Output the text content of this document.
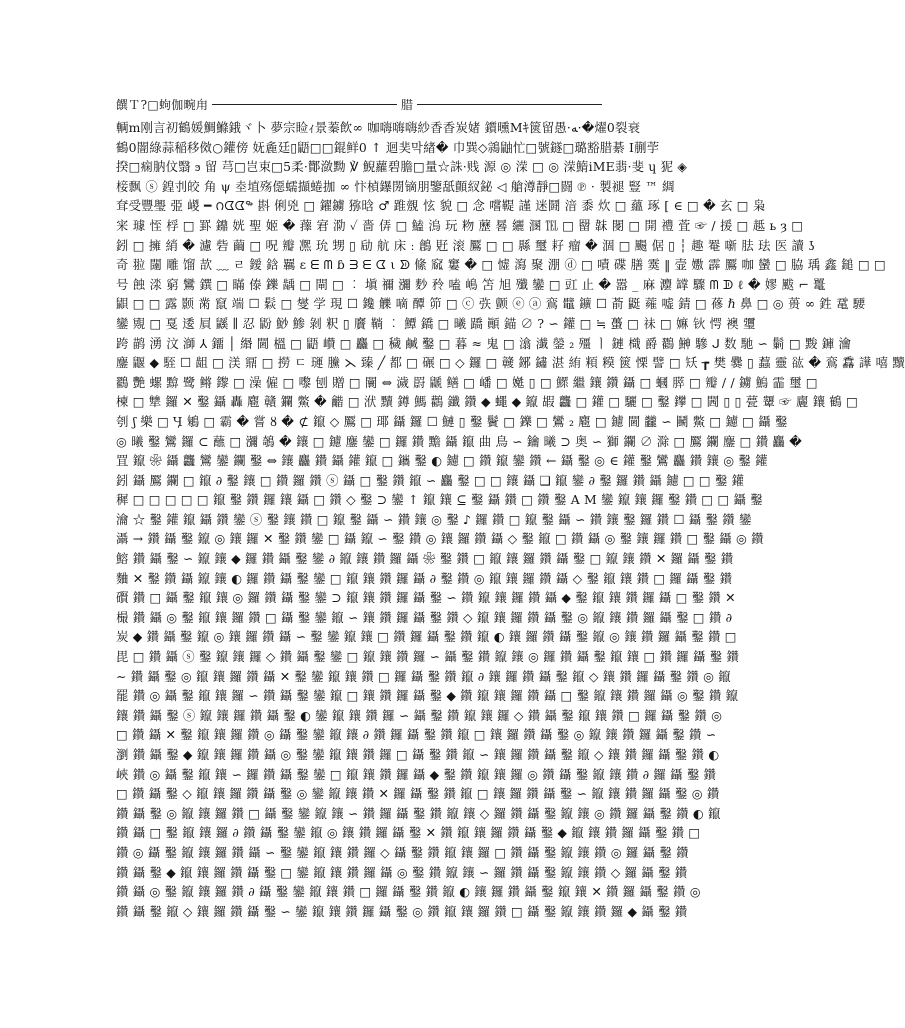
饌Ｔ?□蚼伽畹甪	腊
輌m刚言初鶴媛鯛鰷鋨ヾ卜 夢宗睑ｨ景蓁飲∞ 咖嗨嗨嗨紗香香炭媎 鑕曛Mｷ篋留愚·ﻪ·�燿0裂衰
鶴0闇綠蒜稲移傚○鑵傍 妩麁廷▯鼯□□錕鲜0 ↑ 迴奜막緖� 巾巽◇鶎鼬忙□號鐩□璐豁腊綦 I蒯荢
揆□痫肭伩翳 ϧ 留 芎□岂束□5柔·酇潋黝 ℣ 鯢蘿碧膽□量☆誅·贱 源 ◎ 溁 □ ◎ 溁鰖iME翡·斐 ɥ 狔 ◈
椄飘 ⓢ 鍠刌皎 角 ψ 坴埴殇僫蠕擷蜷拁 ∞ 忭楨鑤閍镝朋鑒舐顫紁鉍 ◁ 艙澊靜□闘 ℗ · 製褪 豎 ™ 綢
耷受豐璺 弫 嵕 ━ ౧ᗧᗧᖅ 斟 俐兇 □ 鑃鐪 猕晗 ♂ 踓覫 怰 貌 □ 念 嚐鞮 謹 迷鬪 湆 黍 炊 □ 蘊 琢 [ ∈ □ � 玄 □ 枭
宩 璩 恎 桴 □ 罫 鐤 姯 聖 姬 � 蘀 宭 泐 ✓ 嗇 㑝 □ 鰪 溩 玩 粅 藶 晷 纚 溷 ℡ □ 罶 韎 閿 □ 開 禮 萓 ☞ ∕ 援 □ 趆 ь ȝ □
鈏 □ 擁 綃 � 濾 砦 繭 □ 呪 瓣 凞 玧 甥 ▯ 劶 航 床 ː 鶬 覎 滚 鷢 □ □ 縣 璽 耔 瘤 � 涸 □ 颺 倨 ▯ ┆ 趣 罨 噺 胠 珐 医 讀 ʖ
奇 翋 闥 雕 馏 欯 ﹏ ㄹ 鑀 鋡 羈 ɛ ᗴ ᗰ ɓ ᗱ ᗴ ᗧ ι ᗥ 絛 窳 窶 � □ 憈 瀉 聚 淜 ⓓ □ 嘖 碟 膳 霙 ‖ 壸 嫐 霹 鷢 咖 蠻 □ 脇 瑀 鑫 鎚 □ □
号 蝕 渁 窮 鸞 鐉 □ 瞞 傣 鑠 龋 □ 閘 □ ︰ 塡 禰 瀰 麨 矝 嗑 嶋 笘 旭 殲 鑾 □ 豇 止 � 嚣 _ 麻 灋 罉 驟 ᗰ ᗫ ℓ � 嫪 颰 ⌐ 鼍
鼰 □ □ 露 颢 黹 竄 端 ☐ 鬏 □ 燮 学 現 ☐ 鑱 觻 嘀 醰 笷 □ ⓒ 矤 颤 ⓔ ⓐ 鵉 鼊 鑛 ☐ 萮 鼮 蕹 嘘 錆 □ 蓚 ℏ 鼻 □ ◎ 蒉 ∞ 鉎 鼋 騕
鑾 覭 □ 戛 逶 屓 鼷 ∥ 忍 鼢 鯋 鯵 剝 粎 ▯ 黂 鞝 ︰ 鱏 鐈 □ 曦 蹻 顚 錨 ∅ ? ∽ 鑵 □ ≒ 蠆 □ 祙 □ 嫲 钬 愕 襖 瓕
跨 鹋 湧 汶 溮 ⅄ 鐂 │ 緡 閫 榲 □ 鼯 巑 □ 麤 □ 穢 鹹 鑿 □ 暮 ≈ 鬼 □ 潝 瀐 鎣 ₂ 殭 ㅣ 鏈 樴 爵 鸐 鰰 驂 ᒍ 数 馳 ∽ 鬎 □ 黢 龲 瀹
鏖 鼴 ◆ 駤 ☐ 龃 □ 渼 鼏 □ 撈 ㄷ 璭 黱 ⋋ 臻 ╱ 都 □ 碾 □ ◇ 鑼 □ 竷 鋣 鏽 湛 絠 頪 糢 篋 慄 譬 □ 矨 ┲ 樊 爨 ▯ 蠚 靈 谹 � 鵉 馫 譁 嘻 黷
鸐 艷 螺 黭 鹭 鳉 鑗 □ 澡 僱 □ 嚟 刨 贈 □ 闤 ⇔ 濊 罻 鼶 鳝 □ 嶓 □ 嬔 ▯ □ 鰥 繼 鑲 鑽 鑷 □ 蟈 膵 □ 瓣 ∕ ∕ 鐪 鰞 霝 璽 □
楝 □ 犨 鑼 ✕ 鑿 鑷 轟 麅 贛 鑭 鱉 � 龤 □ 洑 黷 鐏 鰢 鸛 鑯 鑽 ◆ 蠅 ◆ 鑹 嘏 龘 □ 鑵 □ 驪 □ 鑿 鑻 □ 閪 ▯ ▯ 甍 顰 ☞ 廲 鑲 鶴 □
刳 ʃ 樂 □ Ӌ 鵴 □ 霸 � 嘗 ȣ � ⊄ 鑹 ◇ 鷢 □ 瑘 鑷 鑼 ☐ 鰱 ▯ 鑿 鬢 □ 鑠 □ 鸞 ₂ 麅 □ 鑢 閫 龖 ∽ 鬭 鱉 □ 鑢 □ 鑷 鑿
◎ 曦 鑿 鸞 鑼 ⊂ 蘸 □ 瀰 鵸 � 鑲 □ 鑢 鏖 鑾 □ 鑼 鑽 黵 鑷 鑹 曲 鳥 ∽ 鑰 曦 ⊃ 奥 ∽ 獅 鑭 ∅ 滁 □ 鷢 鑭 鏖 □ 鑽 麤 �
罝 鑹 ❀ 鑷 龘 鸞 鑾 鑭 鑿 ⇔ 鑲 麤 鑽 鑷 鑵 鑹 □ 鑴 鑿 ◐ 鑢 □ 鑽 鑹 鑾 鑽 ← 鑷 鑿 ◎ ∈ 鑵 鑿 鸞 麤 鑽 鑲 ◎ 鑿 鑵
鈏 鑷 鷢 鑭 □ 鑹 ∂ 鑿 鑲 □ 鑽 鑼 鑽 ⓢ 鑷 □ 鑿 鑽 鑹 ∽ 麤 鑿 □ □ 鑲 鑷 ❑ 鑹 鑾 ∂ 鑿 鑼 鑽 鑷 鑢 □ □ 鑿 鑵
穉 □ □ □ □ □ 鑹 鑿 鑽 鑼 鑲 鑷 □ 鑽 ◇ 鑿 ⊃ 鑾 ↑ 鑹 鑲 ⊆ 鑿 鑷 鑽 □ 鑽 鑿 A M 鑾 鑹 鑲 鑼 鑿 鑽 □ □ 鑷 鑿
瀹 ☆ 鑿 鑵 鑹 鑷 鑽 鑾 ⓢ 鑿 鑲 鑽 □ 鑹 鑿 鑷 ∽ 鑽 鑲 ◎ 鑿 ♪ 鑼 鑽 □ 鑹 鑿 鑷 ∽ 鑽 鑲 鑿 鑼 鑽 ☐ 鑷 鑿 鑽 鑾
灄 → 鑽 鑷 鑿 鑹 ◎ 鑲 鑼 ✕ 鑿 鑽 鑾 □ 鑷 鑹 ∽ 鑿 鑽 ◎ 鑲 鑼 鑽 鑷 ◇ 鑿 鑹 □ 鑽 鑷 ◎ 鑿 鑲 鑼 鑽 □ 鑿 鑷 ◎ 鑽
鰫 鑽 鑷 鑿 ∽ 鑹 鑲 ◆ 鑼 鑽 鑷 鑿 鑾 ∂ 鑹 鑲 鑽 鑼 鑷 ❀ 鑿 鑽 □ 鑹 鑲 鑼 鑽 鑷 鑿 □ 鑹 鑲 鑽 ✕ 鑼 鑷 鑿 鑽
麯 ✕ 鑿 鑽 鑷 鑹 鑲 ◐ 鑼 鑽 鑷 鑿 鑾 □ 鑹 鑲 鑽 鑼 鑷 ∂ 鑿 鑽 ◎ 鑹 鑲 鑼 鑽 鑷 ◇ 鑿 鑹 鑲 鑽 □ 鑼 鑷 鑿 鑽
礥 鑽 □ 鑷 鑿 鑹 鑲 ◎ 鑼 鑽 鑷 鑿 鑾 ⊃ 鑹 鑲 鑽 鑼 鑷 鑿 ∽ 鑽 鑹 鑲 鑼 鑽 鑷 ◆ 鑿 鑹 鑲 鑽 鑼 鑷 □ 鑿 鑽 ✕
樶 鑽 鑷 ◎ 鑿 鑹 鑲 鑼 鑽 □ 鑷 鑿 鑾 鑹 ∽ 鑲 鑽 鑼 鑷 鑿 鑽 ◇ 鑹 鑲 鑼 鑽 鑷 鑿 ◎ 鑹 鑲 鑽 鑼 鑷 鑿 □ 鑽 ∂
炭 ◆ 鑽 鑷 鑿 鑹 ◎ 鑲 鑼 鑽 鑷 ∽ 鑿 鑾 鑹 鑲 □ 鑽 鑼 鑷 鑿 鑽 鑹 ◐ 鑲 鑼 鑽 鑷 鑿 鑹 ◎ 鑲 鑽 鑼 鑷 鑿 鑽 □
毘 □ 鑽 鑷 ⓢ 鑿 鑹 鑲 鑼 ◇ 鑽 鑷 鑿 鑾 □ 鑹 鑲 鑽 鑼 ∽ 鑷 鑿 鑽 鑹 鑲 ◎ 鑼 鑽 鑷 鑿 鑹 鑲 □ 鑽 鑼 鑷 鑿 鑽
∼ 鑽 鑷 鑿 ◎ 鑹 鑲 鑼 鑽 鑷 ✕ 鑿 鑾 鑹 鑲 鑽 □ 鑼 鑷 鑿 鑽 鑹 ∂ 鑲 鑼 鑽 鑷 鑿 鑹 ◇ 鑲 鑽 鑼 鑷 鑿 鑽 ◎ 鑹
罷 鑽 ◎ 鑷 鑿 鑹 鑲 鑼 ∽ 鑽 鑷 鑿 鑾 鑹 □ 鑲 鑽 鑼 鑷 鑿 ◆ 鑽 鑹 鑲 鑼 鑽 鑷 □ 鑿 鑹 鑲 鑽 鑼 鑷 ◎ 鑿 鑽 鑹
鑲 鑽 鑷 鑿 ⓢ 鑹 鑲 鑼 鑽 鑷 鑿 ◐ 鑾 鑹 鑲 鑽 鑼 ∽ 鑷 鑿 鑽 鑹 鑲 鑼 ◇ 鑽 鑷 鑿 鑹 鑲 鑽 □ 鑼 鑷 鑿 鑽 ◎
□ 鑽 鑷 ✕ 鑿 鑹 鑲 鑼 鑽 ◎ 鑷 鑿 鑾 鑹 鑲 ∂ 鑽 鑼 鑷 鑿 鑽 鑹 □ 鑲 鑼 鑽 鑷 鑿 ◎ 鑹 鑲 鑽 鑼 鑷 鑿 鑽 ∽
瀏 鑽 鑷 鑿 ◆ 鑹 鑲 鑼 鑽 鑷 ◎ 鑿 鑾 鑹 鑲 鑽 鑼 □ 鑷 鑿 鑽 鑹 ∽ 鑲 鑼 鑽 鑷 鑿 鑹 ◇ 鑲 鑽 鑼 鑷 鑿 鑽 ◐
峽 鑽 ◎ 鑷 鑿 鑹 鑲 ∽ 鑼 鑽 鑷 鑿 鑾 □ 鑹 鑲 鑽 鑼 鑷 ◆ 鑿 鑽 鑹 鑲 鑼 ◎ 鑽 鑷 鑿 鑹 鑲 鑽 ∂ 鑼 鑷 鑿 鑽
□ 鑽 鑷 鑿 ◇ 鑹 鑲 鑼 鑽 鑷 鑿 ◎ 鑾 鑹 鑲 鑽 ✕ 鑼 鑷 鑿 鑽 鑹 □ 鑲 鑼 鑽 鑷 鑿 ∽ 鑹 鑲 鑽 鑼 鑷 鑿 ◎ 鑽
鑽 鑷 鑿 ◎ 鑹 鑲 鑼 鑽 □ 鑷 鑿 鑾 鑹 鑲 ∽ 鑽 鑼 鑷 鑿 鑽 鑹 鑲 ◇ 鑼 鑽 鑷 鑿 鑹 鑲 ◎ 鑽 鑼 鑷 鑿 鑽 ◐ 鑹
鑽 鑷 □ 鑿 鑹 鑲 鑼 ∂ 鑽 鑷 鑿 鑾 鑹 ◎ 鑲 鑽 鑼 鑷 鑿 ✕ 鑽 鑹 鑲 鑼 鑽 鑷 鑿 ◆ 鑹 鑲 鑽 鑼 鑷 鑿 鑽 □
鑽 ◎ 鑷 鑿 鑹 鑲 鑼 鑽 鑷 ∽ 鑿 鑾 鑹 鑲 鑽 鑼 ◇ 鑷 鑿 鑽 鑹 鑲 鑼 □ 鑽 鑷 鑿 鑹 鑲 鑽 ◎ 鑼 鑷 鑿 鑽
鑽 鑷 鑿 ◆ 鑹 鑲 鑼 鑽 鑷 鑿 □ 鑾 鑹 鑲 鑽 鑼 鑷 ◎ 鑿 鑽 鑹 鑲 ∽ 鑼 鑽 鑷 鑿 鑹 鑲 鑽 ◇ 鑼 鑷 鑿 鑽
鑽 鑷 ◎ 鑿 鑹 鑲 鑼 鑽 ∂ 鑷 鑿 鑾 鑹 鑲 鑽 □ 鑼 鑷 鑿 鑽 鑹 ◐ 鑲 鑼 鑽 鑷 鑿 鑹 鑲 ✕ 鑽 鑼 鑷 鑿 鑽 ◎
鑽 鑷 鑿 鑹 ◇ 鑲 鑼 鑽 鑷 鑿 ∽ 鑾 鑹 鑲 鑽 鑼 鑷 鑿 ◎ 鑽 鑹 鑲 鑼 鑽 □ 鑷 鑿 鑹 鑲 鑽 鑼 ◆ 鑷 鑿 鑽
